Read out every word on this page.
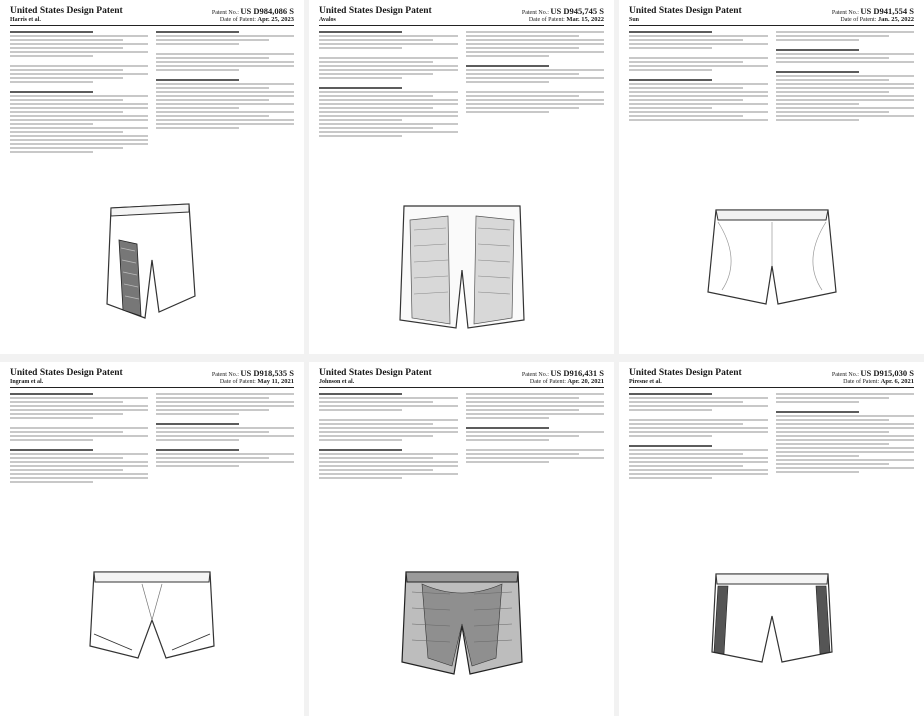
United States Design Patent
Harris et al.
Patent No.: US D984,086 S
Date of Patent: Apr. 25, 2023
United States Design Patent
Avalos
Patent No.: US D945,745 S
Date of Patent: Mar. 15, 2022
United States Design Patent
Sun
Patent No.: US D941,554 S
Date of Patent: Jan. 25, 2022
United States Design Patent
Ingram et al.
Patent No.: US D918,535 S
Date of Patent: May 11, 2021
United States Design Patent
Johnson et al.
Patent No.: US D916,431 S
Date of Patent: Apr. 20, 2021
United States Design Patent
Piresne et al.
Patent No.: US D915,030 S
Date of Patent: Apr. 6, 2021
